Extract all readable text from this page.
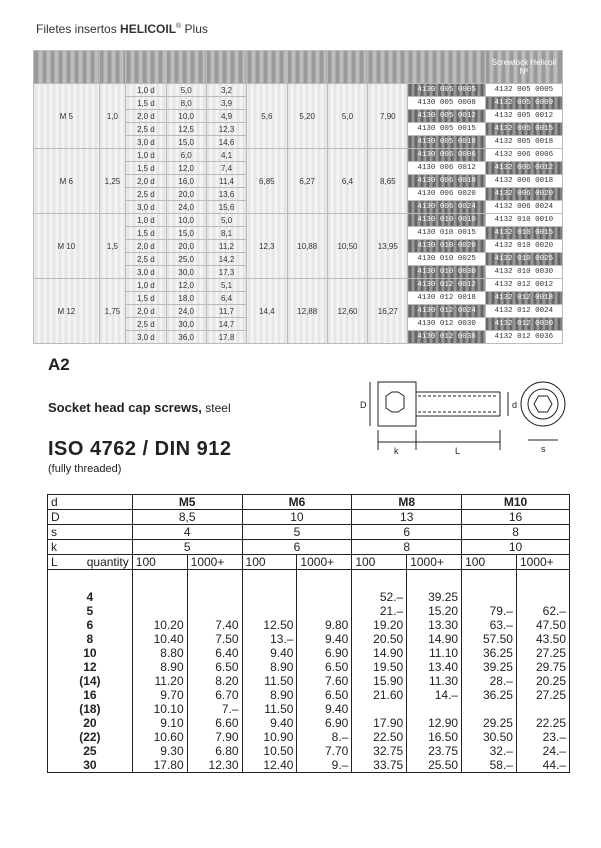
Filetes insertos HELICOIL® Plus
										Screwlock Helicoil Nº
M 5	1,0	1,0 d	5,0	3,2	5,6	5,20	5,0	7,90	4130 005 0005	4132 005 0005
		1,5 d	8,0	3,9					4130 005 0008	4132 005 0009
		2,0 d	10,0	4,9					4130 005 0012	4132 005 0012
		2,5 d	12,5	12,3					4130 005 0015	4132 005 0015
		3,0 d	15,0	14,6					4130 005 0018	4132 005 0018
M 6	1,25	1,0 d	6,0	4,1	6,85	6,27	6,4	8,65	4130 006 0006	4132 006 0006
		1,5 d	12,0	7,4					4130 006 0012	4132 006 0012
		2,0 d	16,0	11,4					4130 006 0018	4132 006 0018
		2,5 d	20,0	13,6					4130 006 0020	4132 006 0020
		3,0 d	24,0	15,6					4130 006 0024	4132 006 0024
M 10	1,5	1,0 d	10,0	5,0	12,3	10,88	10,50	13,95	4130 010 0010	4132 010 0010
		1,5 d	15,0	8,1					4130 010 0015	4132 010 0015
		2,0 d	20,0	11,2					4130 010 0020	4132 010 0020
		2,5 d	25,0	14,2					4130 010 0025	4132 010 0025
		3,0 d	30,0	17,3					4130 010 0030	4132 010 0030
M 12	1,75	1,0 d	12,0	5,1	14,4	12,88	12,60	16,27	4130 012 0012	4132 012 0012
		1,5 d	18,0	6,4					4130 012 0018	4132 012 0018
		2,0 d	24,0	11,7					4130 012 0024	4132 012 0024
		2,5 d	30,0	14,7					4130 012 0030	4132 012 0030
		3,0 d	36,0	17,8					4130 012 0036	4132 012 0036
A2
Socket head cap screws, steel
ISO 4762 / DIN 912
(fully threaded)
D	d
k	L	s
d	M5		M6		M8		M10	
D	8,5		10		13		16	
s	4		5		6		8	
k	5		6		8		10	
L quantity	100	1000+	100	1000+	100	1000+	100	1000+

4					52.–	39.25		
5					21.–	15.20	79.–	62.–
6	10.20	7.40	12.50	9.80	19.20	13.30	63.–	47.50
8	10.40	7.50	13.–	9.40	20.50	14.90	57.50	43.50
10	8.80	6.40	9.40	6.90	14.90	11.10	36.25	27.25
12	8.90	6.50	8.90	6.50	19.50	13.40	39.25	29.75
(14)	11.20	8.20	11.50	7.60	15.90	11.30	28.–	20.25
16	9.70	6.70	8.90	6.50	21.60	14.–	36.25	27.25
(18)	10.10	7.–	11.50	9.40				
20	9.10	6.60	9.40	6.90	17.90	12.90	29.25	22.25
(22)	10.60	7.90	10.90	8.–	22.50	16.50	30.50	23.–
25	9.30	6.80	10.50	7.70	32.75	23.75	32.–	24.–
30	17.80	12.30	12.40	9.–	33.75	25.50	58.–	44.–
